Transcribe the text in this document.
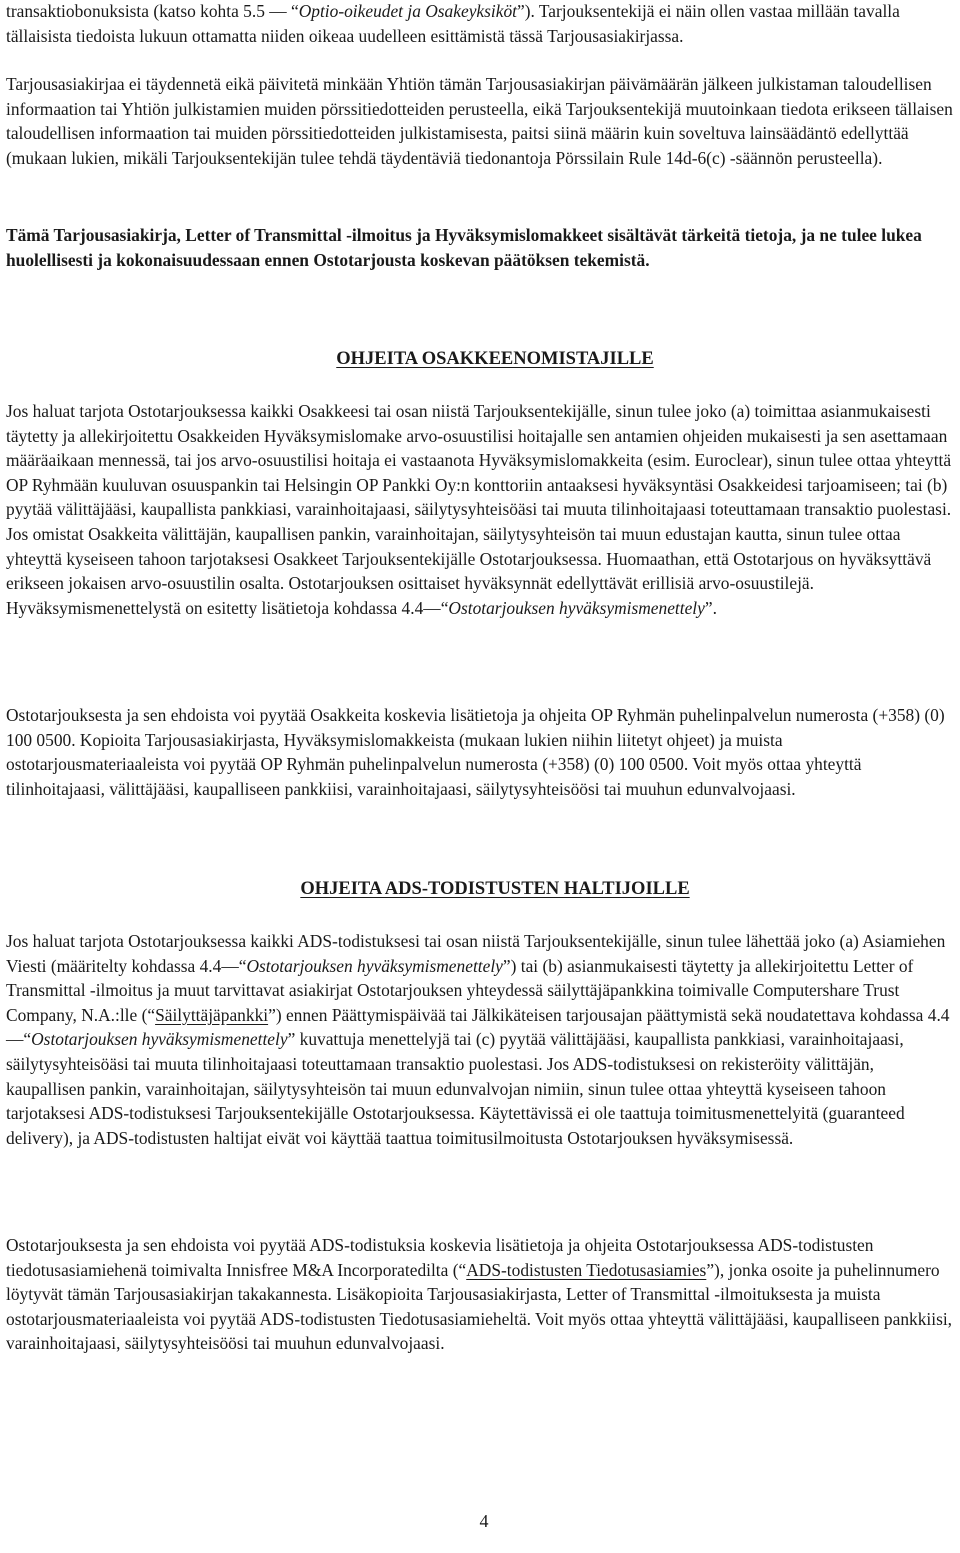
transaktiobonuksista (katso kohta 5.5 — “Optio-oikeudet ja Osakeyksiköt”). Tarjouksentekijä ei näin ollen vastaa millään tavalla tällaisista tiedoista lukuun ottamatta niiden oikeaa uudelleen esittämistä tässä Tarjousasiakirjassa.

Tarjousasiakirjaa ei täydennetä eikä päivitetä minkään Yhtiön tämän Tarjousasiakirjan päivämäärän jälkeen julkistaman taloudellisen informaation tai Yhtiön julkistamien muiden pörssitiedotteiden perusteella, eikä Tarjouksentekijä muutoinkaan tiedota erikseen tällaisen taloudellisen informaation tai muiden pörssitiedotteiden julkistamisesta, paitsi siinä määrin kuin soveltuva lainsäädäntö edellyttää (mukaan lukien, mikäli Tarjouksentekijän tulee tehdä täydentäviä tiedonantoja Pörssilain Rule 14d-6(c) -säännön perusteella).

Tämä Tarjousasiakirja, Letter of Transmittal -ilmoitus ja Hyväksymislomakkeet sisältävät tärkeitä tietoja, ja ne tulee lukea huolellisesti ja kokonaisuudessaan ennen Ostotarjousta koskevan päätöksen tekemistä.

OHJEITA OSAKKEENOMISTAJILLE

Jos haluat tarjota Ostotarjouksessa kaikki Osakkeesi tai osan niistä Tarjouksentekijälle, sinun tulee joko (a) toimittaa asianmukaisesti täytetty ja allekirjoitettu Osakkeiden Hyväksymislomake arvo-osuustilisi hoitajalle sen antamien ohjeiden mukaisesti ja sen asettamaan määräaikaan mennessä, tai jos arvo-osuustilisi hoitaja ei vastaanota Hyväksymislomakkeita (esim. Euroclear), sinun tulee ottaa yhteyttä OP Ryhmään kuuluvan osuuspankin tai Helsingin OP Pankki Oy:n konttoriin antaaksesi hyväksyntäsi Osakkeidesi tarjoamiseen; tai (b) pyytää välittäjääsi, kaupallista pankkiasi, varainhoitajaasi, säilytysyhteisöäsi tai muuta tilinhoitajaasi toteuttamaan transaktio puolestasi. Jos omistat Osakkeita välittäjän, kaupallisen pankin, varainhoitajan, säilytysyhteisön tai muun edustajan kautta, sinun tulee ottaa yhteyttä kyseiseen tahoon tarjotaksesi Osakkeet Tarjouksentekijälle Ostotarjouksessa. Huomaathan, että Ostotarjous on hyväksyttävä erikseen jokaisen arvo-osuustilin osalta. Ostotarjouksen osittaiset hyväksynnät edellyttävät erillisiä arvo-osuustilejä. Hyväksymismenettelystä on esitetty lisätietoja kohdassa 4.4—“Ostotarjouksen hyväksymismenettely”.

Ostotarjouksesta ja sen ehdoista voi pyytää Osakkeita koskevia lisätietoja ja ohjeita OP Ryhmän puhelinpalvelun numerosta (+358) (0) 100 0500. Kopioita Tarjousasiakirjasta, Hyväksymislomakkeista (mukaan lukien niihin liitetyt ohjeet) ja muista ostotarjousmateriaaleista voi pyytää OP Ryhmän puhelinpalvelun numerosta (+358) (0) 100 0500. Voit myös ottaa yhteyttä tilinhoitajaasi, välittäjääsi, kaupalliseen pankkiisi, varainhoitajaasi, säilytysyhteisöösi tai muuhun edunvalvojaasi.

OHJEITA ADS-TODISTUSTEN HALTIJOILLE

Jos haluat tarjota Ostotarjouksessa kaikki ADS-todistuksesi tai osan niistä Tarjouksentekijälle, sinun tulee lähettää joko (a) Asiamiehen Viesti (määritelty kohdassa 4.4—“Ostotarjouksen hyväksymismenettely”) tai (b) asianmukaisesti täytetty ja allekirjoitettu Letter of Transmittal -ilmoitus ja muut tarvittavat asiakirjat Ostotarjouksen yhteydessä säilyttäjäpankkina toimivalle Computershare Trust Company, N.A.:lle (“Säilyttäjäpankki”) ennen Päättymispäivää tai Jälkikäteisen tarjousajan päättymistä sekä noudatettava kohdassa 4.4—“Ostotarjouksen hyväksymismenettely” kuvattuja menettelyjä tai (c) pyytää välittäjääsi, kaupallista pankkiasi, varainhoitajaasi, säilytysyhteisöäsi tai muuta tilinhoitajaasi toteuttamaan transaktio puolestasi. Jos ADS-todistuksesi on rekisteröity välittäjän, kaupallisen pankin, varainhoitajan, säilytysyhteisön tai muun edunvalvojan nimiin, sinun tulee ottaa yhteyttä kyseiseen tahoon tarjotaksesi ADS-todistuksesi Tarjouksentekijälle Ostotarjouksessa. Käytettävissä ei ole taattuja toimitusmenettelyitä (guaranteed delivery), ja ADS-todistusten haltijat eivät voi käyttää taattua toimitusilmoitusta Ostotarjouksen hyväksymisessä.

Ostotarjouksesta ja sen ehdoista voi pyytää ADS-todistuksia koskevia lisätietoja ja ohjeita Ostotarjouksessa ADS-todistusten tiedotusasiamiehenä toimivalta Innisfree M&A Incorporatedilta (“ADS-todistusten Tiedotusasiamies”), jonka osoite ja puhelinnumero löytyvät tämän Tarjousasiakirjan takakannesta. Lisäkopioita Tarjousasiakirjasta, Letter of Transmittal -ilmoituksesta ja muista ostotarjousmateriaaleista voi pyytää ADS-todistusten Tiedotusasiamieheltä. Voit myös ottaa yhteyttä välittäjääsi, kaupalliseen pankkiisi, varainhoitajaasi, säilytysyhteisöösi tai muuhun edunvalvojaasi.

4
